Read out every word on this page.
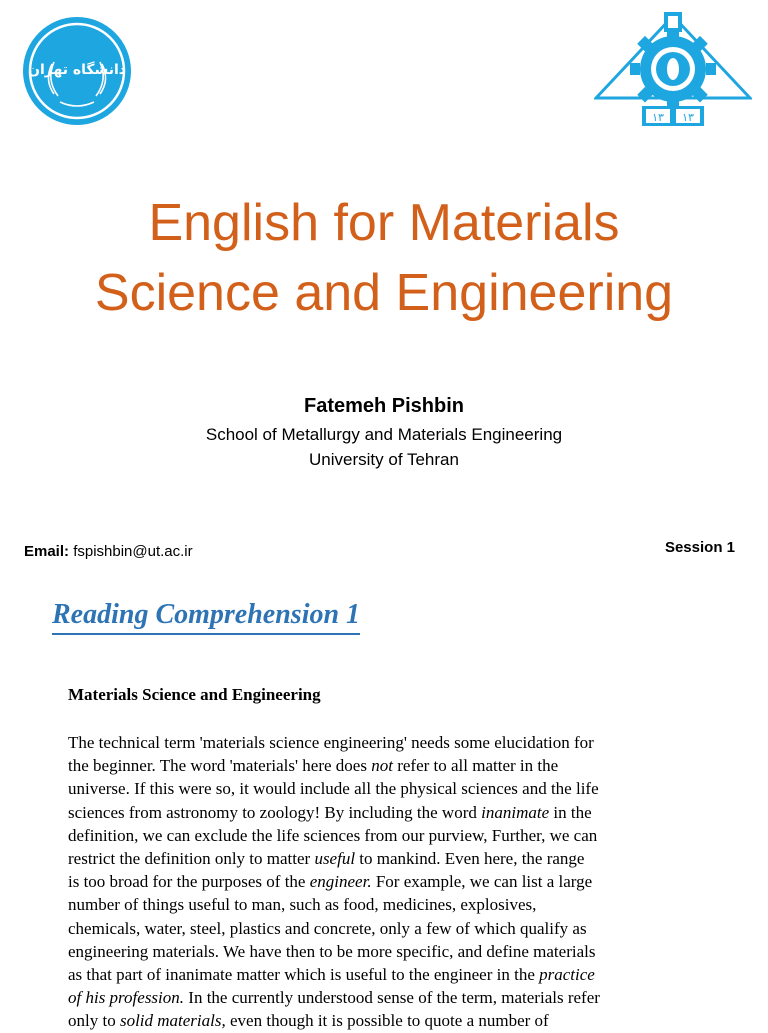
دانشگاه تهران
۱۳ ۱۳
English for Materials
Science and Engineering
Fatemeh Pishbin
School of Metallurgy and Materials Engineering
University of Tehran
Email: fspishbin@ut.ac.ir	Session 1
Reading Comprehension 1
Materials Science and Engineering
The technical term 'materials science engineering' needs some elucidation for
the beginner. The word 'materials' here does not refer to all matter in the
universe. If this were so, it would include all the physical sciences and the life
sciences from astronomy to zoology! By including the word inanimate in the
definition, we can exclude the life sciences from our purview, Further, we can
restrict the definition only to matter useful to mankind. Even here, the range
is too broad for the purposes of the engineer. For example, we can list a large
number of things useful to man, such as food, medicines, explosives,
chemicals, water, steel, plastics and concrete, only a few of which qualify as
engineering materials. We have then to be more specific, and define materials
as that part of inanimate matter which is useful to the engineer in the practice
of his profession. In the currently understood sense of the term, materials refer
only to solid materials, even though it is possible to quote a number of
